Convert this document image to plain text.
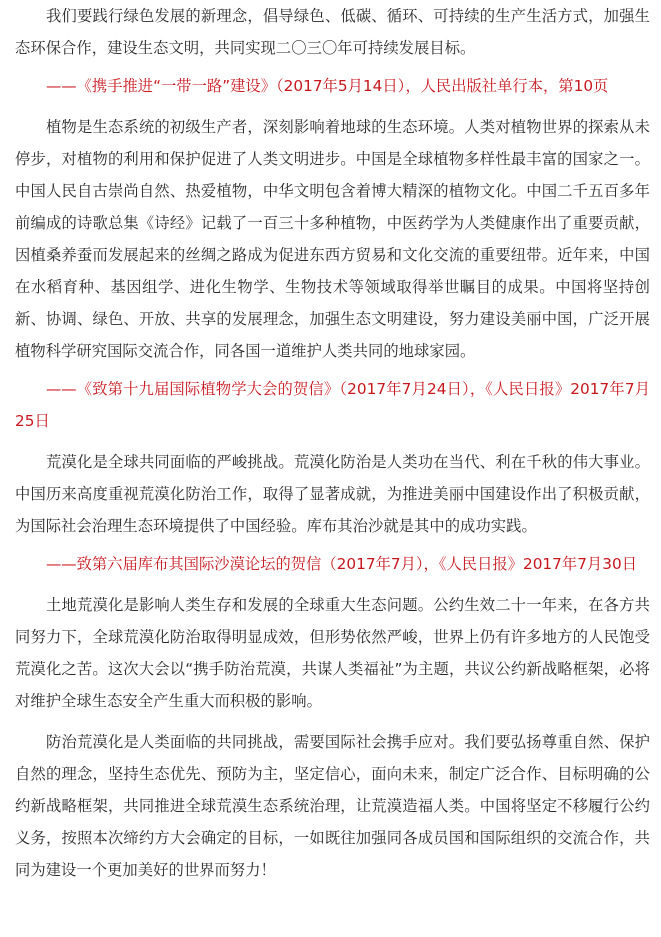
我们要践行绿色发展的新理念，倡导绿色、低碳、循环、可持续的生产生活方式，加强生态环保合作，建设生态文明，共同实现二〇三〇年可持续发展目标。

——《携手推进“一带一路”建设》（2017年5月14日），人民出版社单行本，第10页

植物是生态系统的初级生产者，深刻影响着地球的生态环境。人类对植物世界的探索从未停步，对植物的利用和保护促进了人类文明进步。中国是全球植物多样性最丰富的国家之一。中国人民自古崇尚自然、热爱植物，中华文明包含着博大精深的植物文化。中国二千五百多年前编成的诗歌总集《诗经》记载了一百三十多种植物，中医药学为人类健康作出了重要贡献，因植桑养蚕而发展起来的丝绸之路成为促进东西方贸易和文化交流的重要纽带。近年来，中国在水稻育种、基因组学、进化生物学、生物技术等领域取得举世瞩目的成果。中国将坚持创新、协调、绿色、开放、共享的发展理念，加强生态文明建设，努力建设美丽中国，广泛开展植物科学研究国际交流合作，同各国一道维护人类共同的地球家园。

——《致第十九届国际植物学大会的贺信》（2017年7月24日），《人民日报》2017年7月25日

荒漠化是全球共同面临的严峻挑战。荒漠化防治是人类功在当代、利在千秋的伟大事业。中国历来高度重视荒漠化防治工作，取得了显著成就，为推进美丽中国建设作出了积极贡献，为国际社会治理生态环境提供了中国经验。库布其治沙就是其中的成功实践。

——致第六届库布其国际沙漠论坛的贺信（2017年7月），《人民日报》2017年7月30日

土地荒漠化是影响人类生存和发展的全球重大生态问题。公约生效二十一年来，在各方共同努力下，全球荒漠化防治取得明显成效，但形势依然严峻，世界上仍有许多地方的人民饱受荒漠化之苦。这次大会以“携手防治荒漠，共谋人类福祉”为主题，共议公约新战略框架，必将对维护全球生态安全产生重大而积极的影响。

防治荒漠化是人类面临的共同挑战，需要国际社会携手应对。我们要弘扬尊重自然、保护自然的理念，坚持生态优先、预防为主，坚定信心，面向未来，制定广泛合作、目标明确的公约新战略框架，共同推进全球荒漠生态系统治理，让荒漠造福人类。中国将坚定不移履行公约义务，按照本次缔约方大会确定的目标，一如既往加强同各成员国和国际组织的交流合作，共同为建设一个更加美好的世界而努力！
